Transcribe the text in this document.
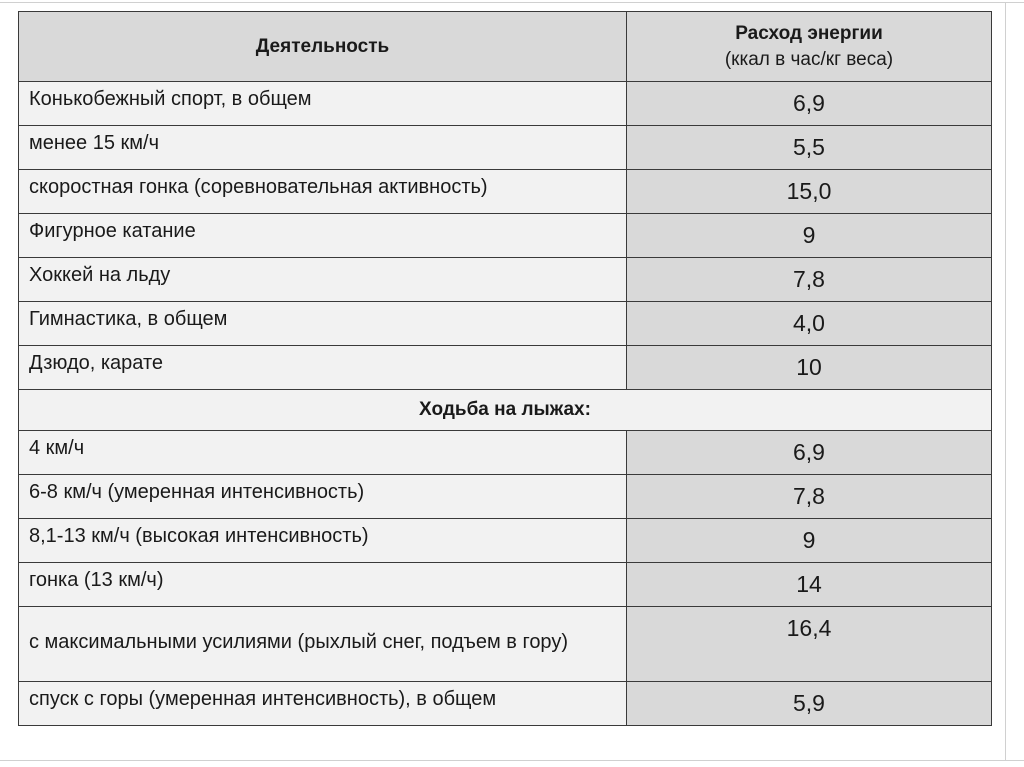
Деятельность	Расход энергии
(ккал в час/кг веса)

Конькобежный спорт, в общем	6,9
менее 15 км/ч	5,5
скоростная гонка (соревновательная активность)	15,0
Фигурное катание	9
Хоккей на льду	7,8
Гимнастика, в общем	4,0
Дзюдо, карате	10
Ходьба на лыжах:	
4 км/ч	6,9
6-8 км/ч (умеренная интенсивность)	7,8
8,1-13 км/ч (высокая интенсивность)	9
гонка (13 км/ч)	14

с максимальными усилиями (рыхлый снег, подъем в гору)	16,4
спуск с горы (умеренная интенсивность), в общем	5,9
